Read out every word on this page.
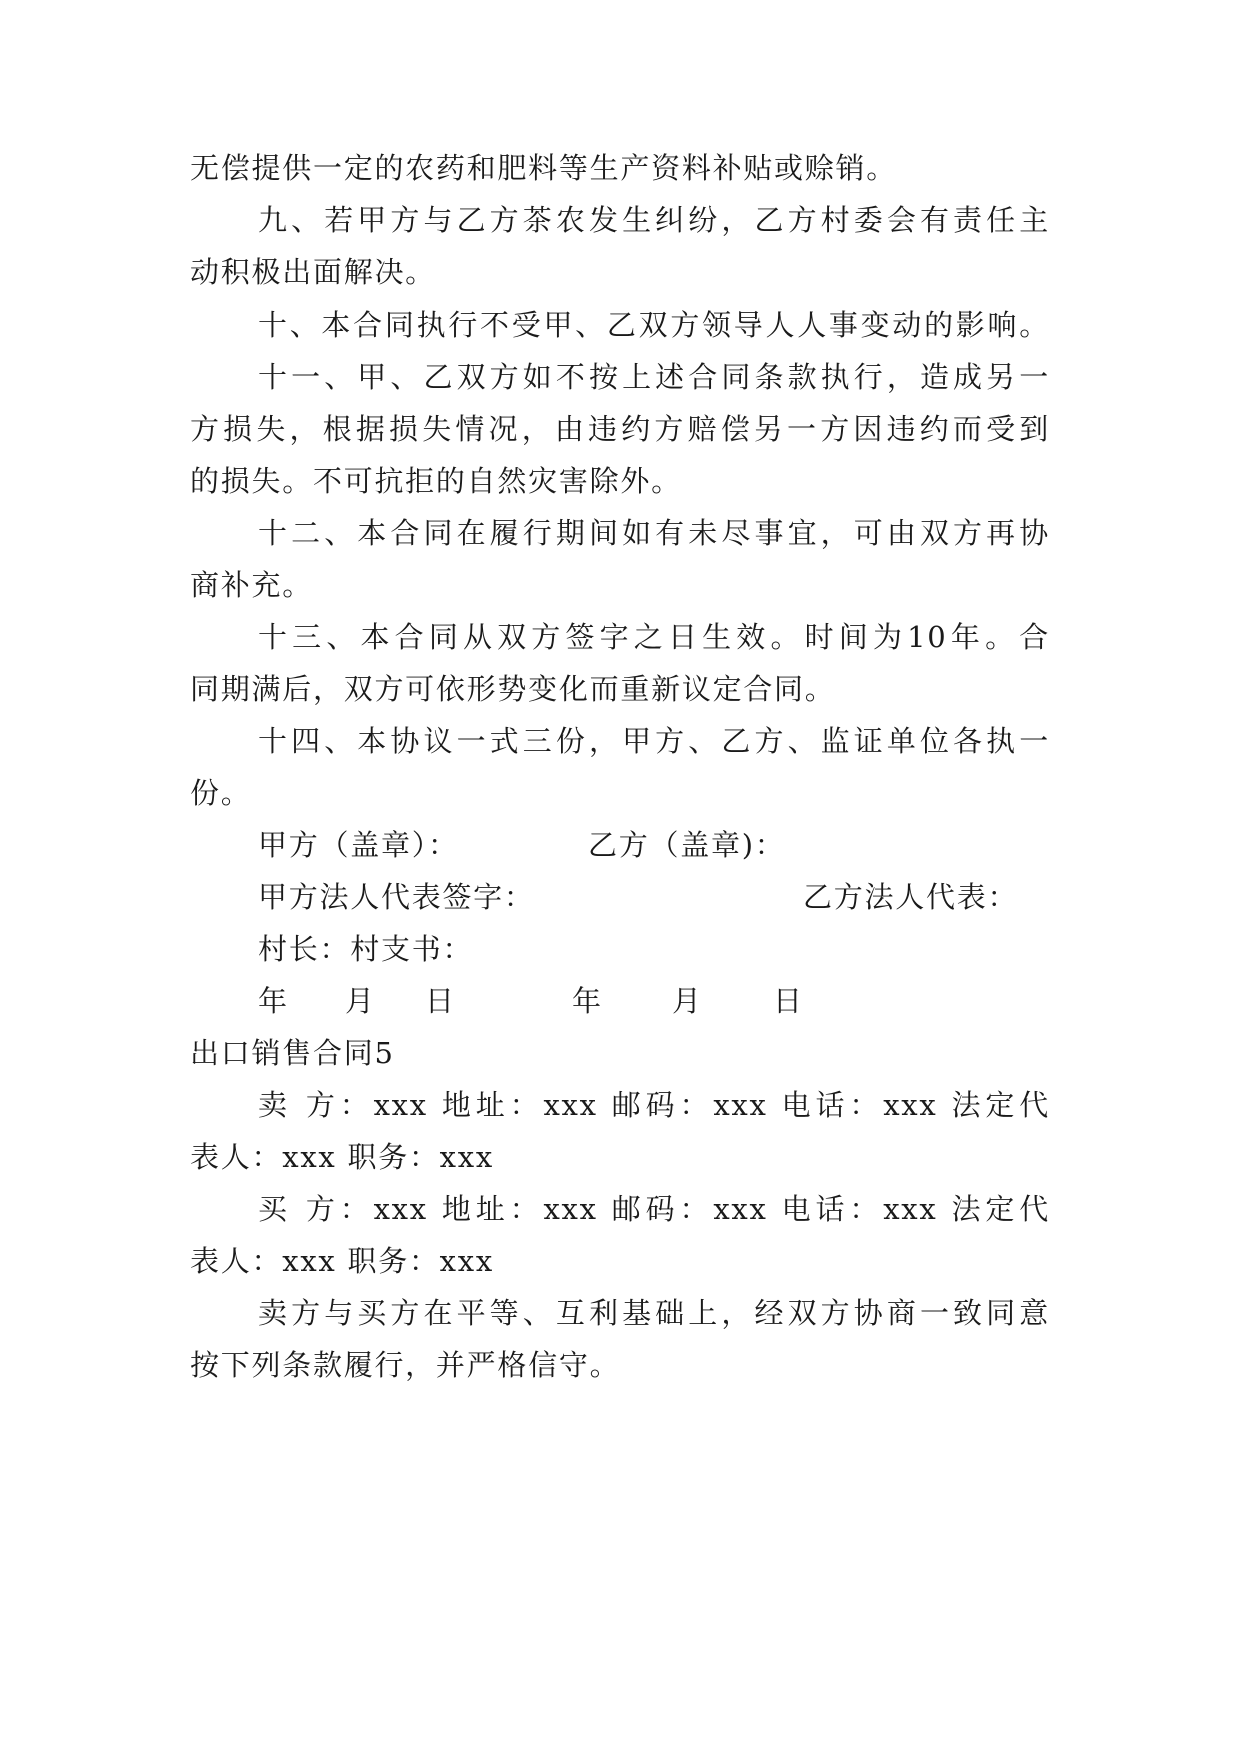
无偿提供一定的农药和肥料等生产资料补贴或赊销。
九、若甲方与乙方茶农发生纠纷，乙方村委会有责任主
动积极出面解决。
十、本合同执行不受甲、乙双方领导人人事变动的影响。
十一、甲、乙双方如不按上述合同条款执行，造成另一
方损失，根据损失情况，由违约方赔偿另一方因违约而受到
的损失。不可抗拒的自然灾害除外。
十二、本合同在履行期间如有未尽事宜，可由双方再协
商补充。
十三、本合同从双方签字之日生效。时间为10年。合
同期满后，双方可依形势变化而重新议定合同。
十四、本协议一式三份，甲方、乙方、监证单位各执一
份。
甲方（盖章）：	乙方（盖章)：
甲方法人代表签字：	乙方法人代表：
村长：村支书：
年 月 日	年 月 日
出口销售合同5
卖 方：xxx 地址：xxx 邮码：xxx 电话：xxx 法定代
表人：xxx 职务：xxx
买 方：xxx 地址：xxx 邮码：xxx 电话：xxx 法定代
表人：xxx 职务：xxx
卖方与买方在平等、互利基础上，经双方协商一致同意
按下列条款履行，并严格信守。
